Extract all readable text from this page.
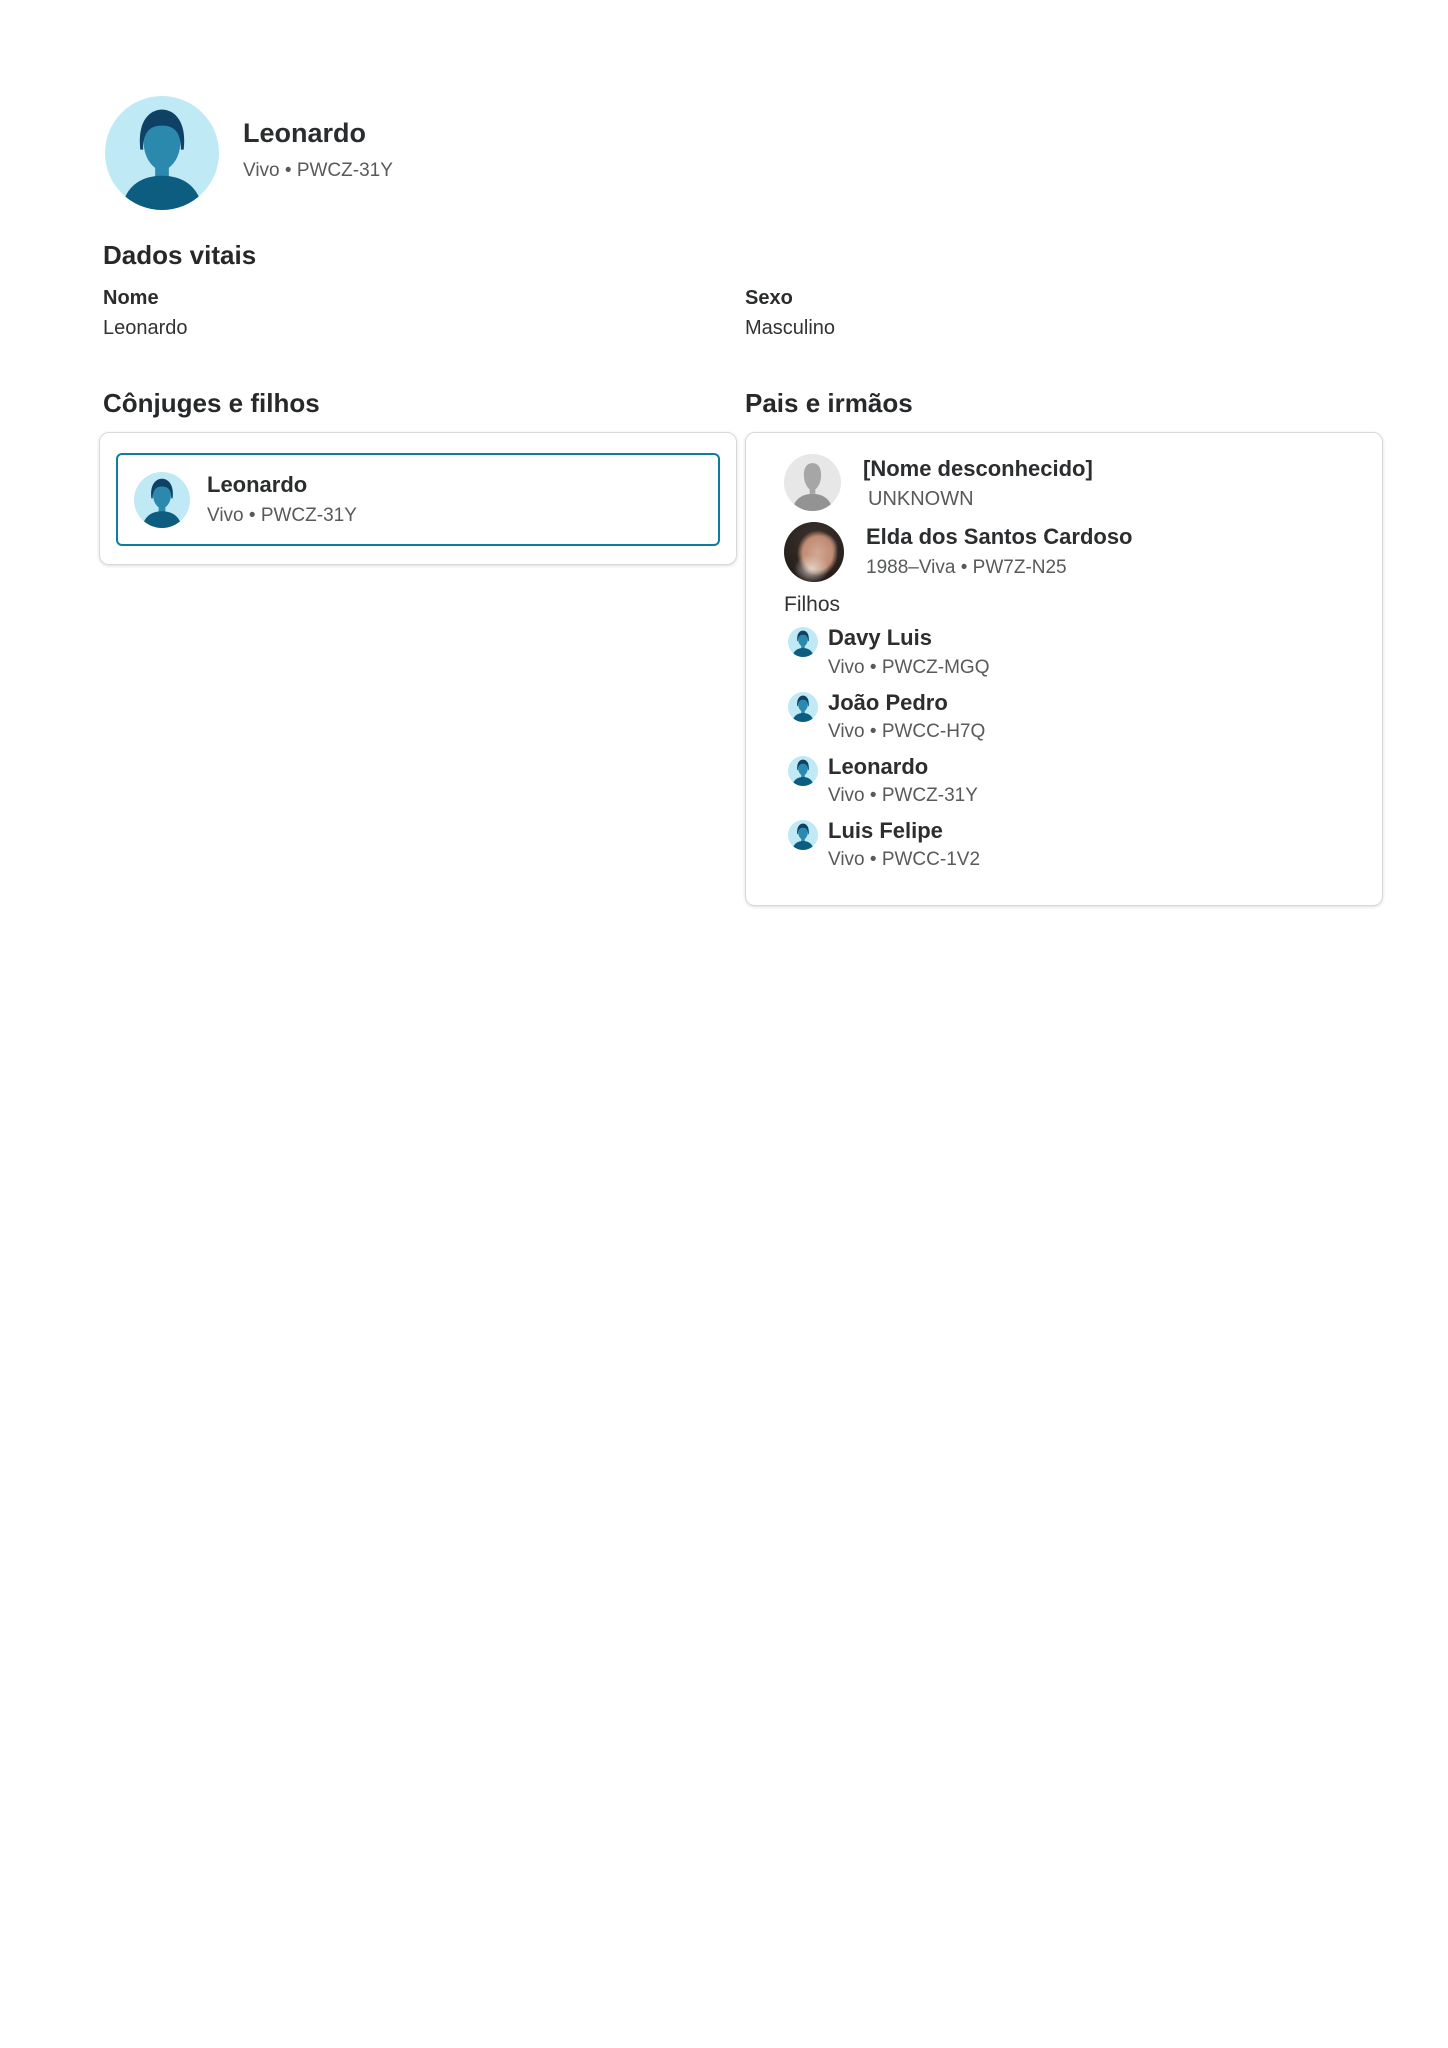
Leonardo
Vivo • PWCZ-31Y
Dados vitais
Nome
Leonardo
Sexo
Masculino
Cônjuges e filhos	Pais e irmãos
Leonardo
Vivo • PWCZ-31Y
[Nome desconhecido]
UNKNOWN
Elda dos Santos Cardoso
1988–Viva • PW7Z-N25
Filhos
Davy Luis
Vivo • PWCZ-MGQ
João Pedro
Vivo • PWCC-H7Q
Leonardo
Vivo • PWCZ-31Y
Luis Felipe
Vivo • PWCC-1V2
